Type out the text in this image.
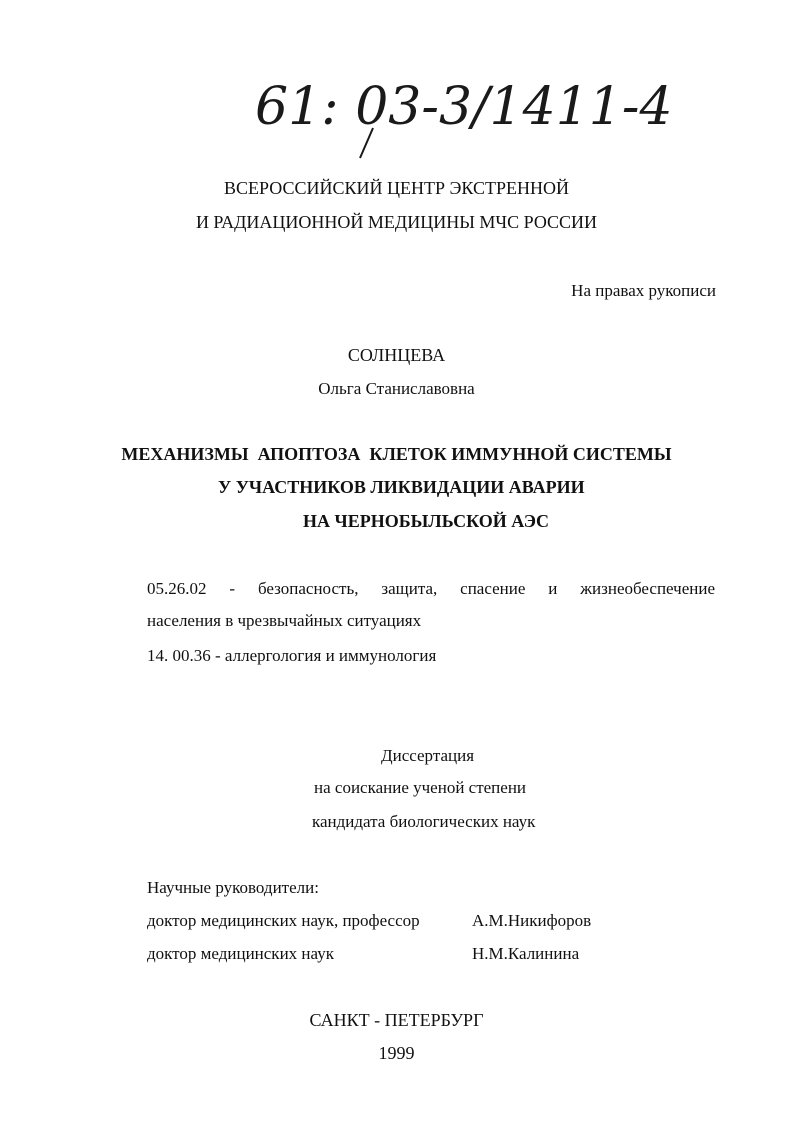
61: 03-3/1411-4
ВСЕРОССИЙСКИЙ ЦЕНТР ЭКСТРЕННОЙ
И РАДИАЦИОННОЙ МЕДИЦИНЫ МЧС РОССИИ
На правах рукописи
СОЛНЦЕВА
Ольга Станиславовна
МЕХАНИЗМЫ  АПОПТОЗА  КЛЕТОК ИММУННОЙ СИСТЕМЫ
У УЧАСТНИКОВ ЛИКВИДАЦИИ АВАРИИ
НА ЧЕРНОБЫЛЬСКОЙ АЭС
05.26.02 - безопасность, защита, спасение и жизнеобеспечение
населения в чрезвычайных ситуациях
14. 00.36 - аллергология и иммунология
Диссертация
на соискание ученой степени
кандидата биологических наук
Научные руководители:
доктор медицинских наук, профессор	А.М.Никифоров
доктор медицинских наук	Н.М.Калинина
САНКТ - ПЕТЕРБУРГ
1999
